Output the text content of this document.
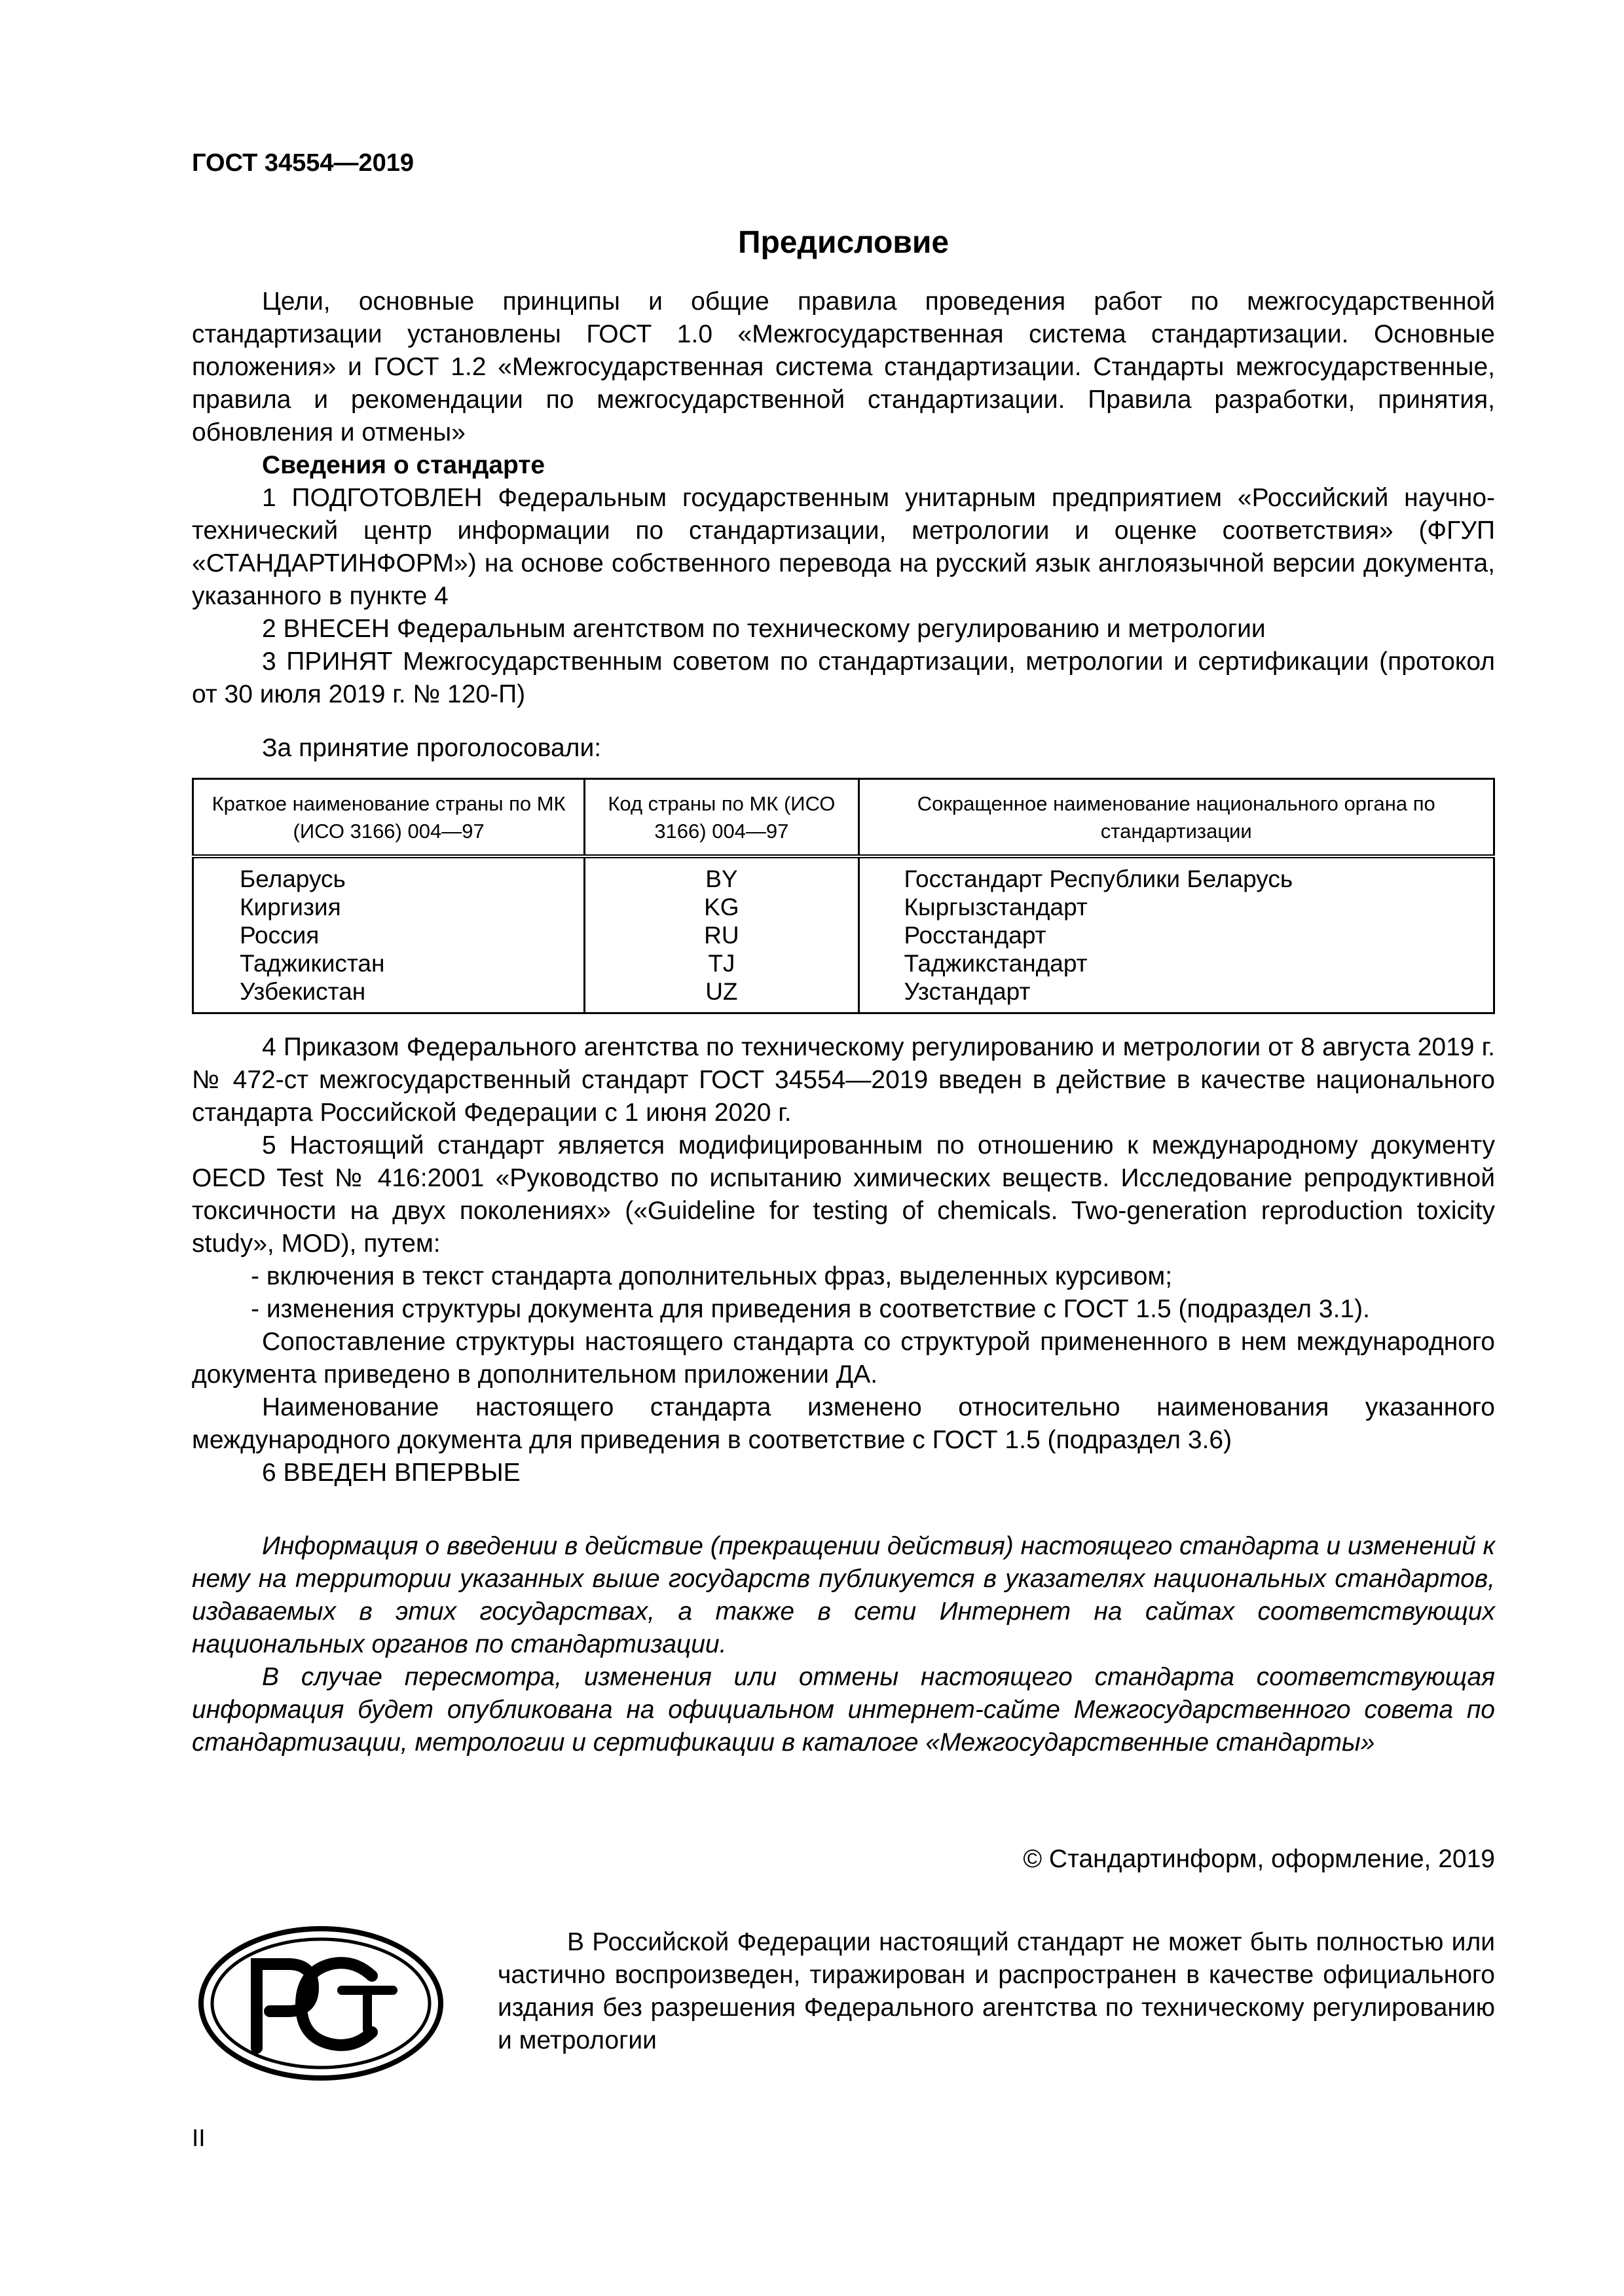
ГОСТ 34554—2019
Предисловие

Цели, основные принципы и общие правила проведения работ по межгосударственной стандартизации установлены ГОСТ 1.0 «Межгосударственная система стандартизации. Основные положения» и ГОСТ 1.2 «Межгосударственная система стандартизации. Стандарты межгосударственные, правила и рекомендации по межгосударственной стандартизации. Правила разработки, принятия, обновления и отмены»

Сведения о стандарте

1 ПОДГОТОВЛЕН Федеральным государственным унитарным предприятием «Российский научно-технический центр информации по стандартизации, метрологии и оценке соответствия» (ФГУП «СТАНДАРТИНФОРМ») на основе собственного перевода на русский язык англоязычной версии документа, указанного в пункте 4

2 ВНЕСЕН Федеральным агентством по техническому регулированию и метрологии

3 ПРИНЯТ Межгосударственным советом по стандартизации, метрологии и сертификации (протокол от 30 июля 2019 г. № 120-П)

За принятие проголосовали:

Краткое наименование страны по МК (ИСО 3166) 004—97	Код страны по МК (ИСО 3166) 004—97	Сокращенное наименование национального органа по стандартизации
Беларусь	BY	Госстандарт Республики Беларусь
Киргизия	KG	Кыргызстандарт
Россия	RU	Росстандарт
Таджикистан	TJ	Таджикстандарт
Узбекистан	UZ	Узстандарт

4 Приказом Федерального агентства по техническому регулированию и метрологии от 8 августа 2019 г. № 472-ст межгосударственный стандарт ГОСТ 34554—2019 введен в действие в качестве национального стандарта Российской Федерации с 1 июня 2020 г.

5 Настоящий стандарт является модифицированным по отношению к международному документу OECD Test № 416:2001 «Руководство по испытанию химических веществ. Исследование репродуктивной токсичности на двух поколениях» («Guideline for testing of chemicals. Two-generation reproduction toxicity study», MOD), путем:

- включения в текст стандарта дополнительных фраз, выделенных курсивом;

- изменения структуры документа для приведения в соответствие с ГОСТ 1.5 (подраздел 3.1).

Сопоставление структуры настоящего стандарта со структурой примененного в нем международного документа приведено в дополнительном приложении ДА.

Наименование настоящего стандарта изменено относительно наименования указанного международного документа для приведения в соответствие с ГОСТ 1.5 (подраздел 3.6)

6 ВВЕДЕН ВПЕРВЫЕ

Информация о введении в действие (прекращении действия) настоящего стандарта и изменений к нему на территории указанных выше государств публикуется в указателях национальных стандартов, издаваемых в этих государствах, а также в сети Интернет на сайтах соответствующих национальных органов по стандартизации.

В случае пересмотра, изменения или отмены настоящего стандарта соответствующая информация будет опубликована на официальном интернет-сайте Межгосударственного совета по стандартизации, метрологии и сертификации в каталоге «Межгосударственные стандарты»

© Стандартинформ, оформление, 2019
В Российской Федерации настоящий стандарт не может быть полностью или частично воспроизведен, тиражирован и распространен в качестве официального издания без разрешения Федерального агентства по техническому регулированию и метрологии
II
